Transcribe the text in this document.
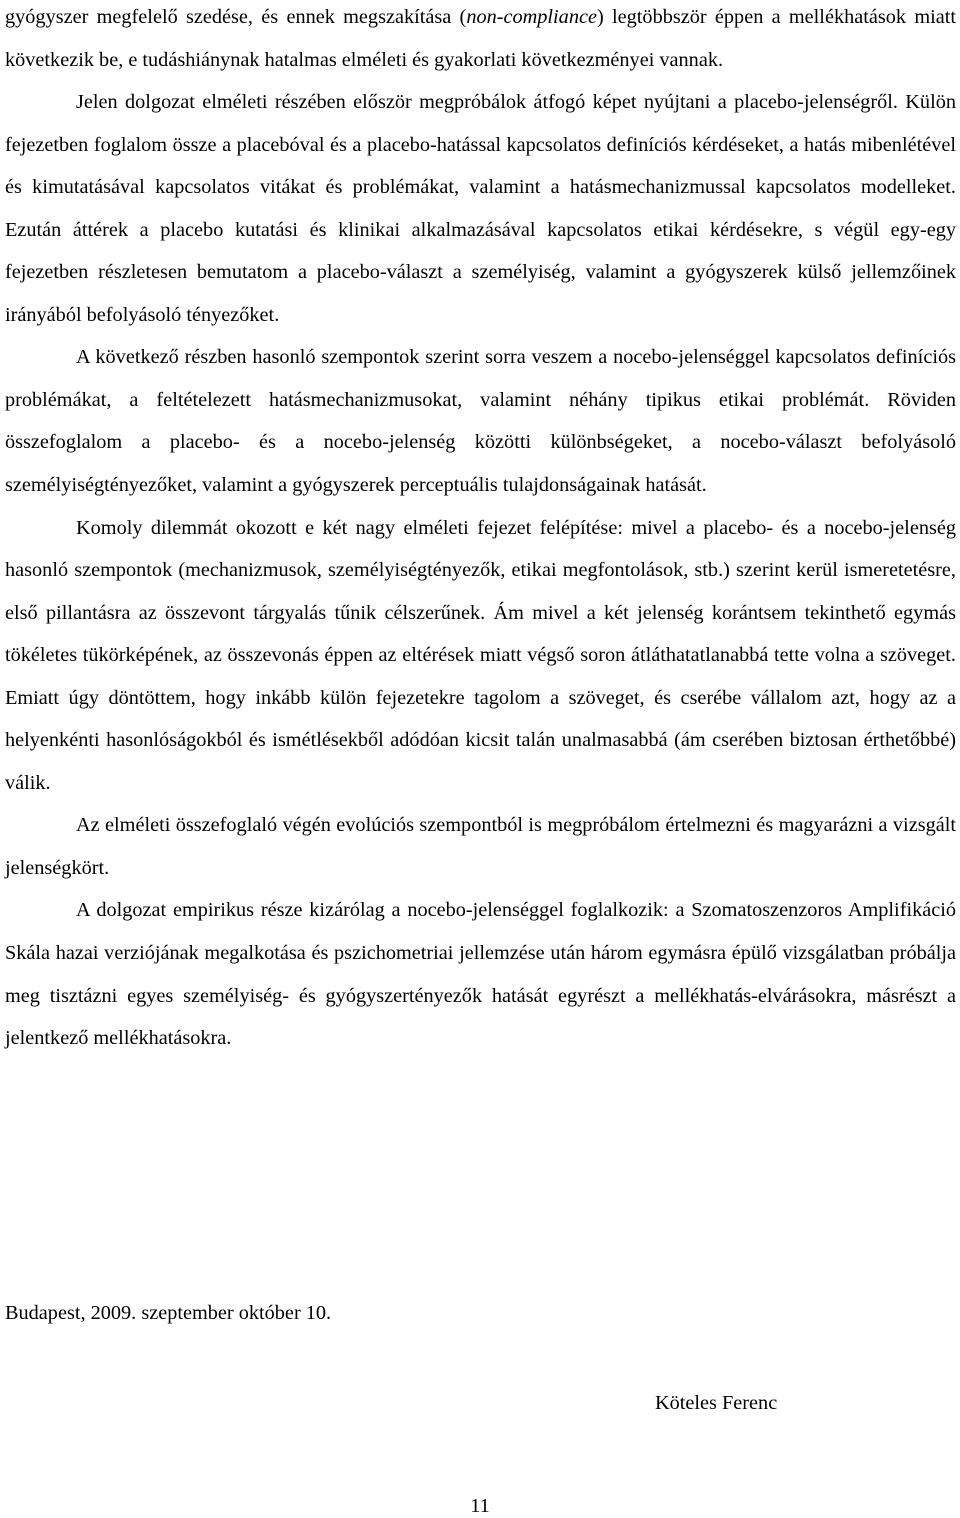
gyógyszer megfelelő szedése, és ennek megszakítása (non-compliance) legtöbbször éppen a mellékhatások miatt következik be, e tudáshiánynak hatalmas elméleti és gyakorlati következményei vannak.

Jelen dolgozat elméleti részében először megpróbálok átfogó képet nyújtani a placebo-jelenségről. Külön fejezetben foglalom össze a placebóval és a placebo-hatással kapcsolatos definíciós kérdéseket, a hatás mibenlétével és kimutatásával kapcsolatos vitákat és problémákat, valamint a hatásmechanizmussal kapcsolatos modelleket. Ezután áttérek a placebo kutatási és klinikai alkalmazásával kapcsolatos etikai kérdésekre, s végül egy-egy fejezetben részletesen bemutatom a placebo-választ a személyiség, valamint a gyógyszerek külső jellemzőinek irányából befolyásoló tényezőket.

A következő részben hasonló szempontok szerint sorra veszem a nocebo-jelenséggel kapcsolatos definíciós problémákat, a feltételezett hatásmechanizmusokat, valamint néhány tipikus etikai problémát. Röviden összefoglalom a placebo- és a nocebo-jelenség közötti különbségeket, a nocebo-választ befolyásoló személyiségtényezőket, valamint a gyógyszerek perceptuális tulajdonságainak hatását.

Komoly dilemmát okozott e két nagy elméleti fejezet felépítése: mivel a placebo- és a nocebo-jelenség hasonló szempontok (mechanizmusok, személyiségtényezők, etikai megfontolások, stb.) szerint kerül ismeretetésre, első pillantásra az összevont tárgyalás tűnik célszerűnek. Ám mivel a két jelenség korántsem tekinthető egymás tökéletes tükörképének, az összevonás éppen az eltérések miatt végső soron átláthatatlanabbá tette volna a szöveget. Emiatt úgy döntöttem, hogy inkább külön fejezetekre tagolom a szöveget, és cserébe vállalom azt, hogy az a helyenkénti hasonlóságokból és ismétlésekből adódóan kicsit talán unalmasabbá (ám cserében biztosan érthetőbbé) válik.

Az elméleti összefoglaló végén evolúciós szempontból is megpróbálom értelmezni és magyarázni a vizsgált jelenségkört.

A dolgozat empirikus része kizárólag a nocebo-jelenséggel foglalkozik: a Szomatoszenzoros Amplifikáció Skála hazai verziójának megalkotása és pszichometriai jellemzése után három egymásra épülő vizsgálatban próbálja meg tisztázni egyes személyiség- és gyógyszertényezők hatását egyrészt a mellékhatás-elvárásokra, másrészt a jelentkező mellékhatásokra.

Budapest, 2009. szeptember október 10.
Köteles Ferenc
11
